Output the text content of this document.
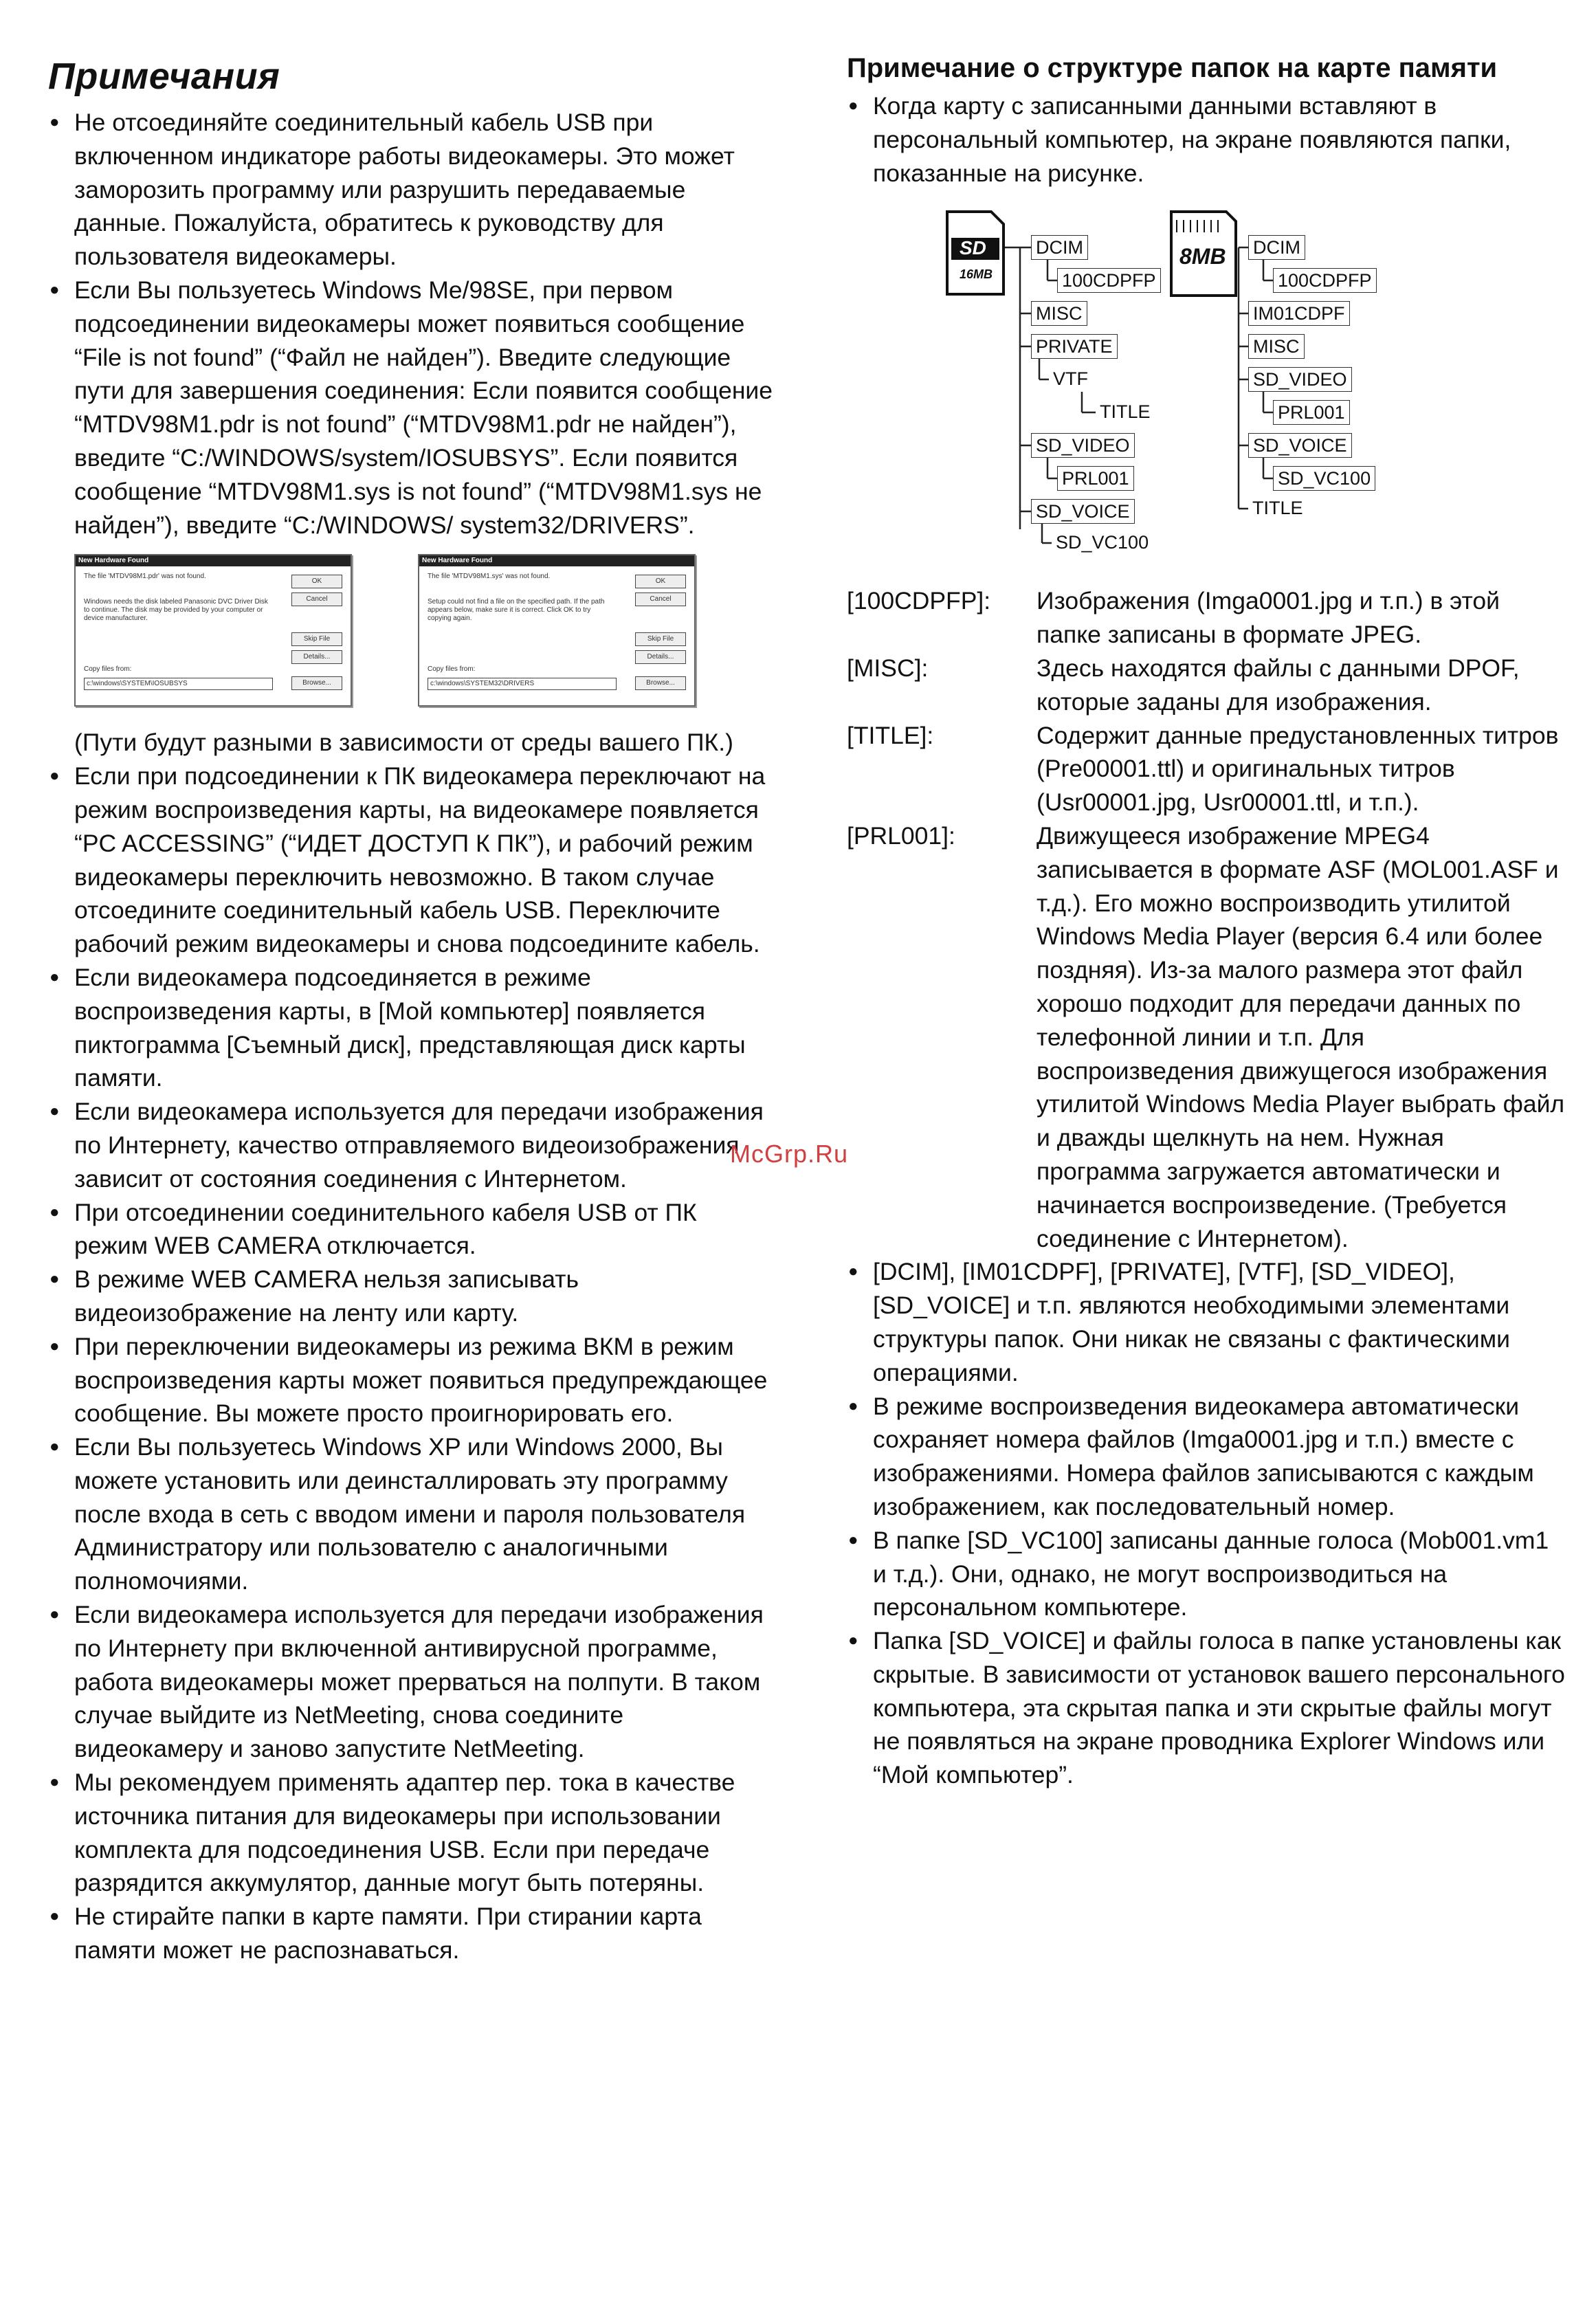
Примечания
● Не отсоединяйте соединительный кабель USB при включенном индикаторе работы видеокамеры. Это может заморозить программу или разрушить передаваемые данные. Пожалуйста, обратитесь к руководству для пользователя видеокамеры.
● Если Вы пользуетесь Windows Me/98SE, при первом подсоединении видеокамеры может появиться сообщение “File is not found” (“Файл не найден”). Введите следующие пути для завершения соединения: Если появится сообщение “MTDV98M1.pdr is not found” (“MTDV98M1.pdr не найден”), введите “C:/WINDOWS/system/IOSUBSYS”. Если появится сообщение “MTDV98M1.sys is not found” (“MTDV98M1.sys не найден”), введите “C:/WINDOWS/ system32/DRIVERS”.
New Hardware Found
The file 'MTDV98M1.pdr' was not found.
Windows needs the disk labeled Panasonic DVC Driver Disk to continue. The disk may be provided by your computer or device manufacturer.
Copy files from:
c:\windows\SYSTEM\IOSUBSYS
OK
Cancel
Skip File
Details...
Browse...
New Hardware Found
The file 'MTDV98M1.sys' was not found.
Setup could not find a file on the specified path. If the path appears below, make sure it is correct. Click OK to try copying again.
Copy files from:
c:\windows\SYSTEM32\DRIVERS
OK
Cancel
Skip File
Details...
Browse...
(Пути будут разными в зависимости от среды вашего ПК.)
● Если при подсоединении к ПК видеокамера переключают на режим воспроизведения карты, на видеокамере появляется “PC ACCESSING” (“ИДЕТ ДОСТУП К ПК”), и рабочий режим видеокамеры переключить невозможно. В таком случае отсоедините соединительный кабель USB. Переключите рабочий режим видеокамеры и снова подсоедините кабель.
● Если видеокамера подсоединяется в режиме воспроизведения карты, в [Мой компьютер] появляется пиктограмма [Съемный диск], представляющая диск карты памяти.
● Если видеокамера используется для передачи изображения по Интернету, качество отправляемого видеоизображения зависит от состояния соединения с Интернетом.
● При отсоединении соединительного кабеля USB от ПК режим WEB CAMERA отключается.
● В режиме WEB CAMERA нельзя записывать видеоизображение на ленту или карту.
● При переключении видеокамеры из режима ВКМ в режим воспроизведения карты может появиться предупреждающее сообщение. Вы можете просто проигнорировать его.
● Если Вы пользуетесь Windows XP или Windows 2000, Вы можете установить или деинсталлировать эту программу после входа в сеть с вводом имени и пароля пользователя Администратору или пользователю с аналогичными полномочиями.
● Если видеокамера используется для передачи изображения по Интернету при включенной антивирусной программе, работа видеокамеры может прерваться на полпути. В таком случае выйдите из NetMeeting, снова соедините видеокамеру и заново запустите NetMeeting.
● Мы рекомендуем применять адаптер пер. тока в качестве источника питания для видеокамеры при использовании комплекта для подсоединения USB. Если при передаче разрядится аккумулятор, данные могут быть потеряны.
● Не стирайте папки в карте памяти. При стирании карта памяти может не распознаваться.
Примечание о структуре папок на карте памяти
● Когда карту с записанными данными вставляют в персональный компьютер, на экране появляются папки, показанные на рисунке.
SD
16MB
DCIM
100CDPFP
MISC
PRIVATE
VTF
TITLE
SD_VIDEO
PRL001
SD_VOICE
SD_VC100
8MB DCIM
100CDPFP
IM01CDPF
MISC
SD_VIDEO
PRL001
SD_VOICE
SD_VC100
TITLE
[100CDPFP]:	Изображения (Imga0001.jpg и т.п.) в этой папке записаны в формате JPEG.
[MISC]:	Здесь находятся файлы с данными DPOF, которые заданы для изображения.
[TITLE]:	Содержит данные предустановленных титров (Pre00001.ttl) и оригинальных титров (Usr00001.jpg, Usr00001.ttl, и т.п.).
[PRL001]:	Движущееся изображение MPEG4 записывается в формате ASF (MOL001.ASF и т.д.). Его можно воспроизводить утилитой Windows Media Player (версия 6.4 или более поздняя). Из-за малого размера этот файл хорошо подходит для передачи данных по телефонной линии и т.п. Для воспроизведения движущегося изображения утилитой Windows Media Player выбрать файл и дважды щелкнуть на нем. Нужная программа загружается автоматически и начинается воспроизведение. (Требуется соединение с Интернетом).
● [DCIM], [IM01CDPF], [PRIVATE], [VTF], [SD_VIDEO], [SD_VOICE] и т.п. являются необходимыми элементами структуры папок. Они никак не связаны с фактическими операциями.
● В режиме воспроизведения видеокамера автоматически сохраняет номера файлов (Imga0001.jpg и т.п.) вместе с изображениями. Номера файлов записываются с каждым изображением, как последовательный номер.
● В папке [SD_VC100] записаны данные голоса (Mob001.vm1 и т.д.). Они, однако, не могут воспроизводиться на персональном компьютере.
● Папка [SD_VOICE] и файлы голоса в папке установлены как скрытые. В зависимости от установок вашего персонального компьютера, эта скрытая папка и эти скрытые файлы могут не появляться на экране проводника Explorer Windows или “Мой компьютер”.
McGrp.Ru
